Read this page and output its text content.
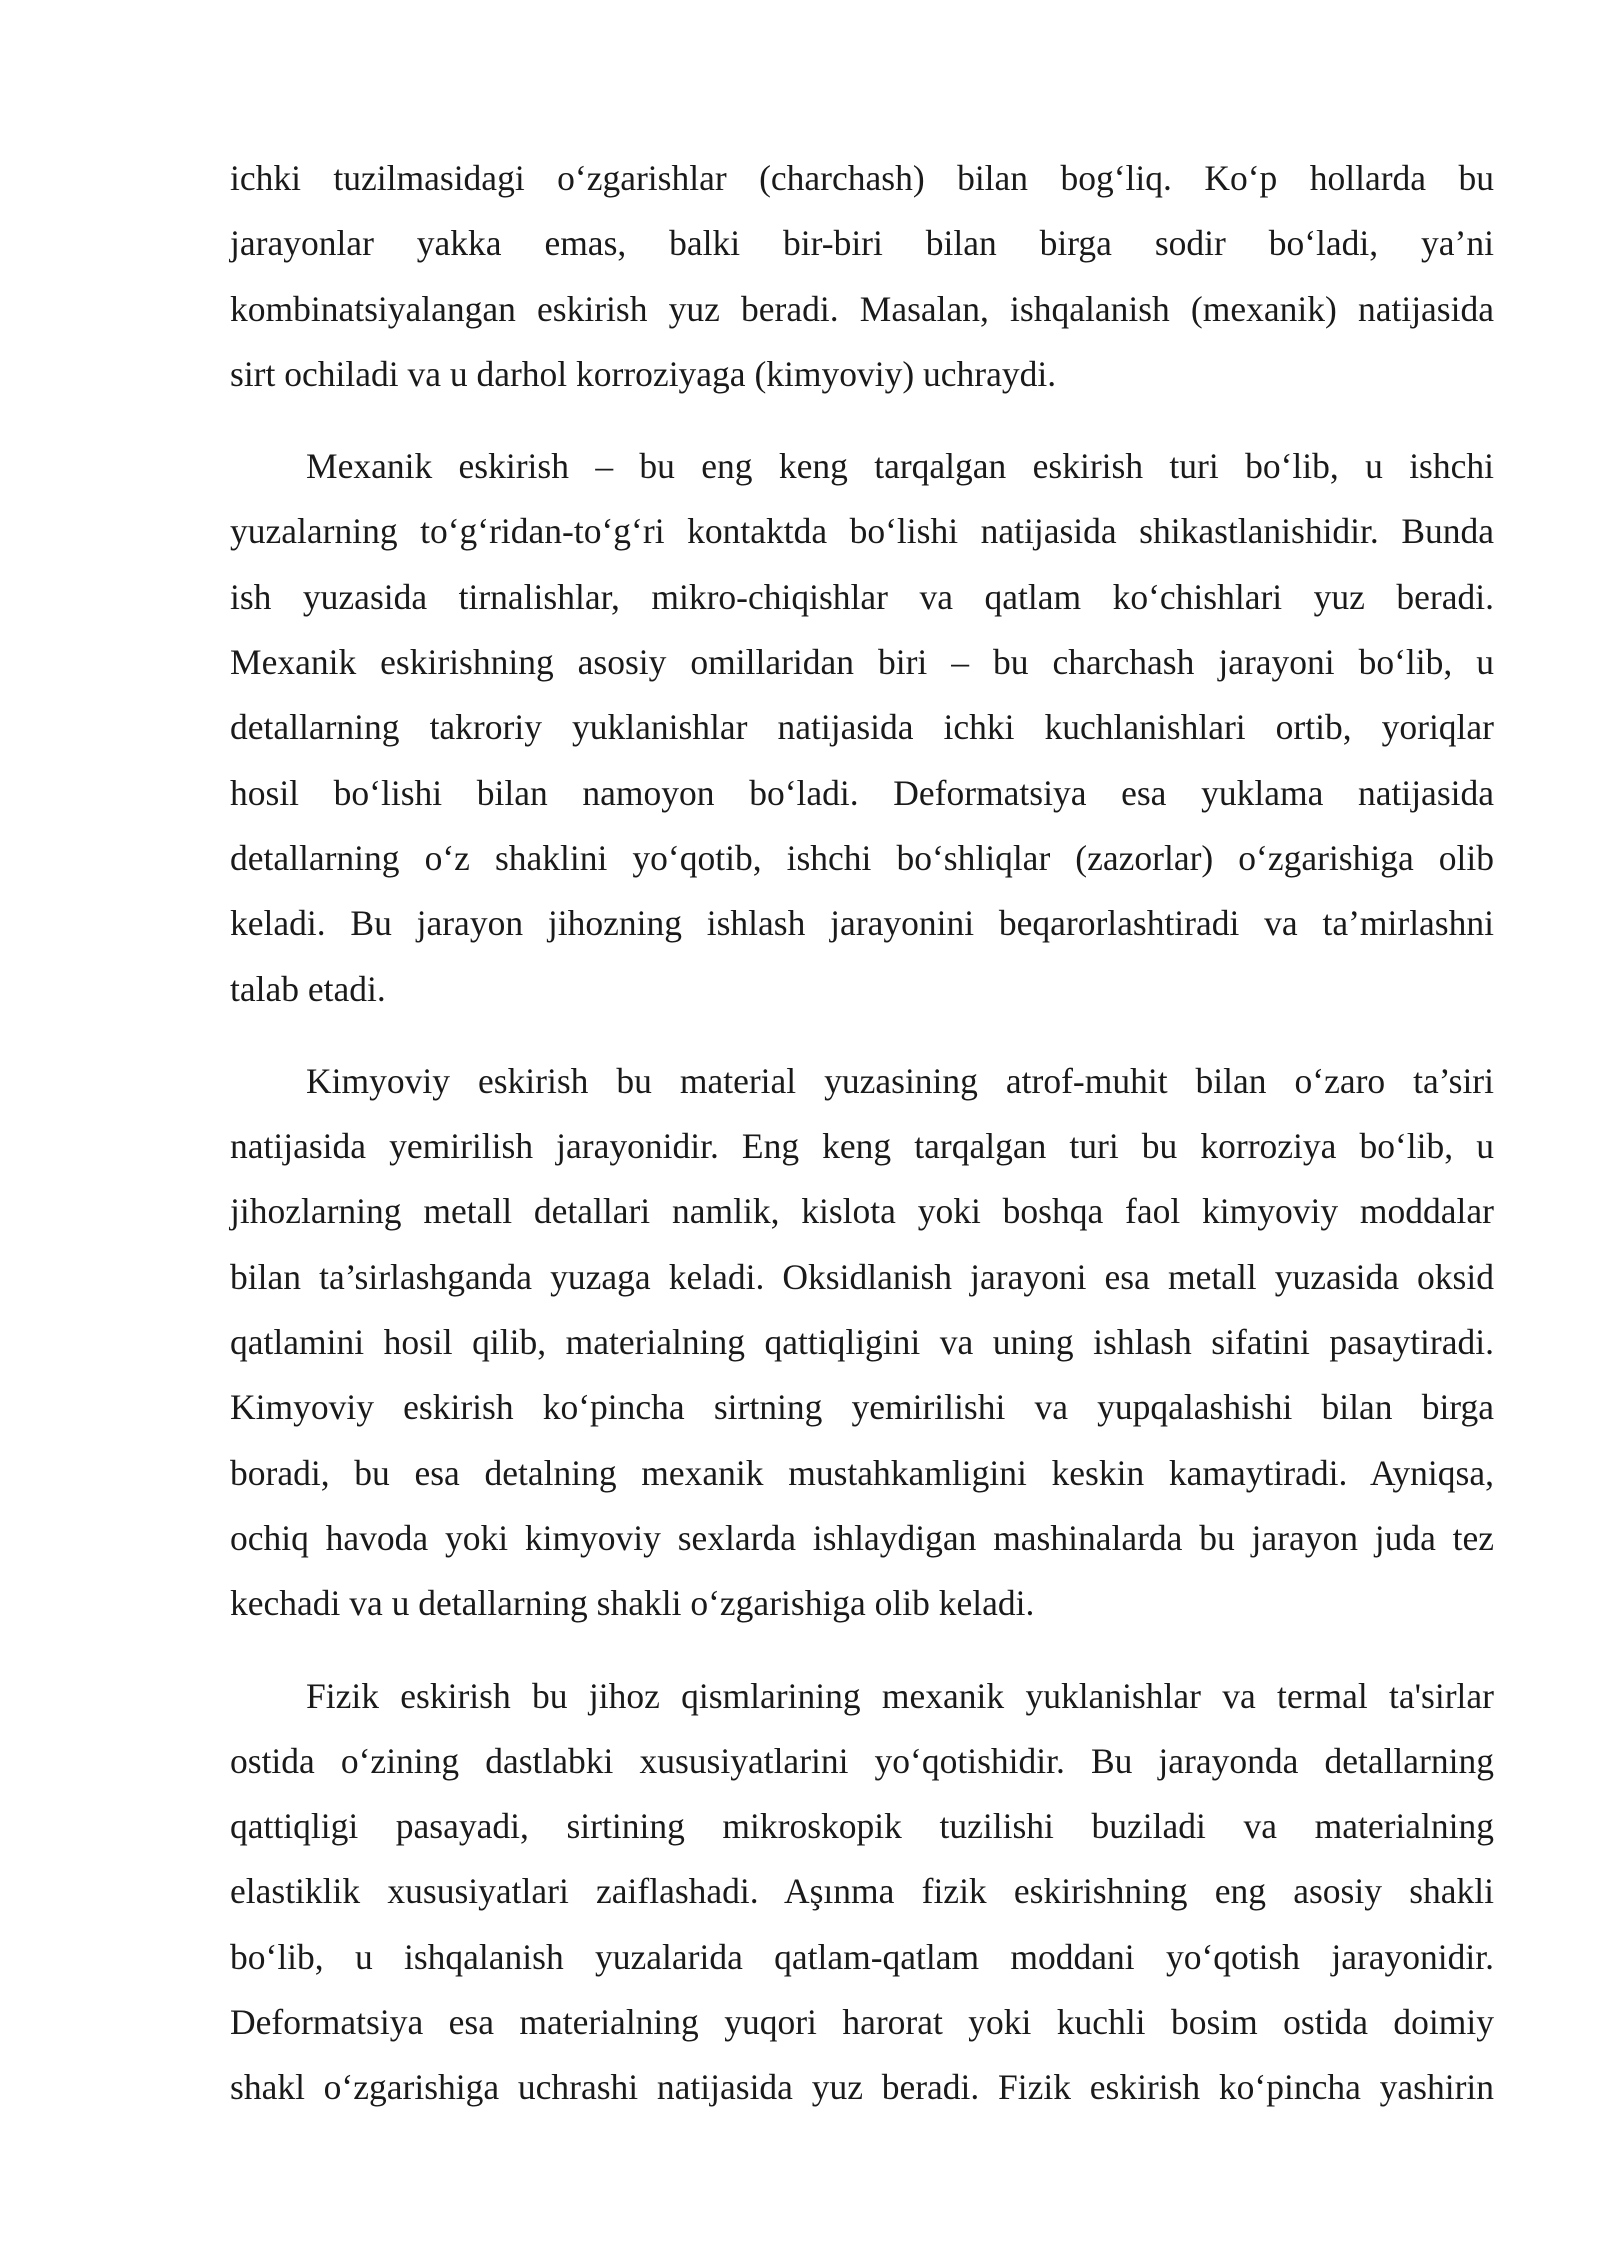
ichki tuzilmasidagi o‘zgarishlar (charchash) bilan bog‘liq. Ko‘p hollarda bu
jarayonlar yakka emas, balki bir-biri bilan birga sodir bo‘ladi, ya’ni
kombinatsiyalangan eskirish yuz beradi. Masalan, ishqalanish (mexanik) natijasida
sirt ochiladi va u darhol korroziyaga (kimyoviy) uchraydi.
Mexanik eskirish – bu eng keng tarqalgan eskirish turi bo‘lib, u ishchi
yuzalarning to‘g‘ridan-to‘g‘ri kontaktda bo‘lishi natijasida shikastlanishidir. Bunda
ish yuzasida tirnalishlar, mikro-chiqishlar va qatlam ko‘chishlari yuz beradi.
Mexanik eskirishning asosiy omillaridan biri – bu charchash jarayoni bo‘lib, u
detallarning takroriy yuklanishlar natijasida ichki kuchlanishlari ortib, yoriqlar
hosil bo‘lishi bilan namoyon bo‘ladi. Deformatsiya esa yuklama natijasida
detallarning o‘z shaklini yo‘qotib, ishchi bo‘shliqlar (zazorlar) o‘zgarishiga olib
keladi. Bu jarayon jihozning ishlash jarayonini beqarorlashtiradi va ta’mirlashni
talab etadi.
Kimyoviy eskirish bu material yuzasining atrof-muhit bilan o‘zaro ta’siri
natijasida yemirilish jarayonidir. Eng keng tarqalgan turi bu korroziya bo‘lib, u
jihozlarning metall detallari namlik, kislota yoki boshqa faol kimyoviy moddalar
bilan ta’sirlashganda yuzaga keladi. Oksidlanish jarayoni esa metall yuzasida oksid
qatlamini hosil qilib, materialning qattiqligini va uning ishlash sifatini pasaytiradi.
Kimyoviy eskirish ko‘pincha sirtning yemirilishi va yupqalashishi bilan birga
boradi, bu esa detalning mexanik mustahkamligini keskin kamaytiradi. Ayniqsa,
ochiq havoda yoki kimyoviy sexlarda ishlaydigan mashinalarda bu jarayon juda tez
kechadi va u detallarning shakli o‘zgarishiga olib keladi.
Fizik eskirish bu jihoz qismlarining mexanik yuklanishlar va termal ta'sirlar
ostida o‘zining dastlabki xususiyatlarini yo‘qotishidir. Bu jarayonda detallarning
qattiqligi pasayadi, sirtining mikroskopik tuzilishi buziladi va materialning
elastiklik xususiyatlari zaiflashadi. Aşınma fizik eskirishning eng asosiy shakli
bo‘lib, u ishqalanish yuzalarida qatlam-qatlam moddani yo‘qotish jarayonidir.
Deformatsiya esa materialning yuqori harorat yoki kuchli bosim ostida doimiy
shakl o‘zgarishiga uchrashi natijasida yuz beradi. Fizik eskirish ko‘pincha yashirin
